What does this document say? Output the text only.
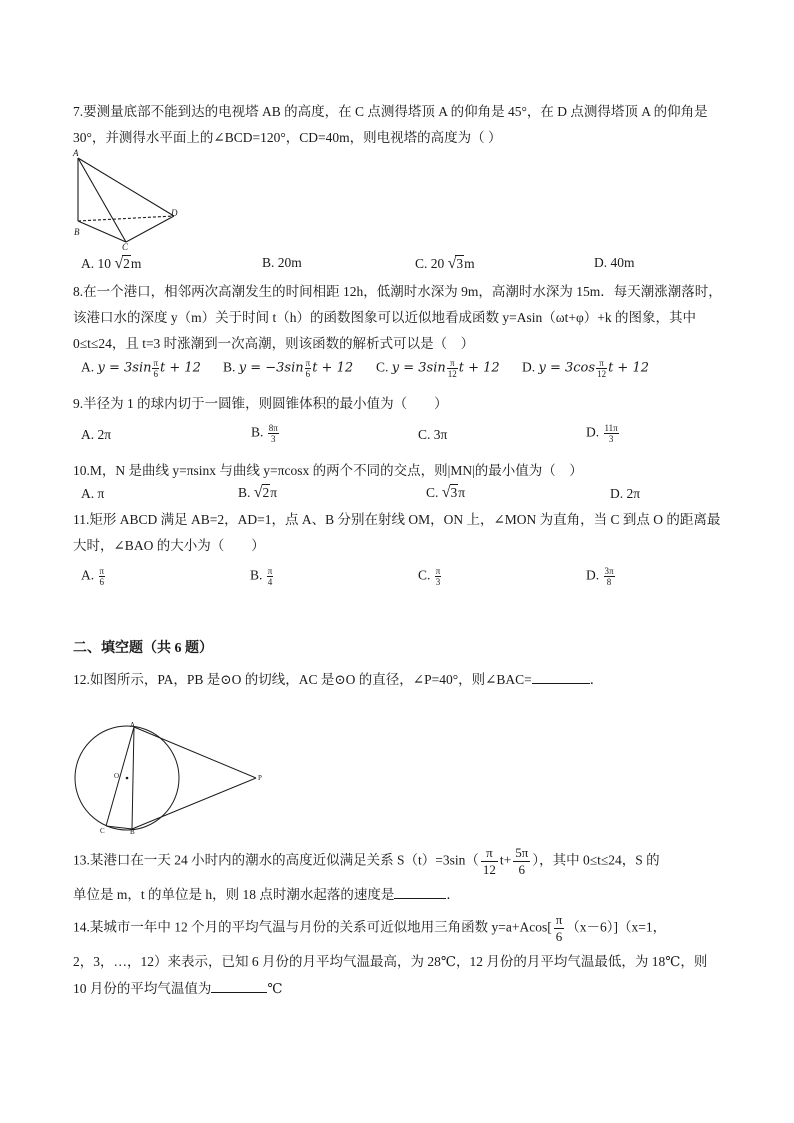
7.要测量底部不能到达的电视塔 AB 的高度，在 C 点测得塔顶 A 的仰角是 45°，在 D 点测得塔顶 A 的仰角是 30°，并测得水平面上的∠BCD=120°，CD=40m，则电视塔的高度为（ ）
A
B
C
D
A. 10 √2m	B. 20m	C. 20 √3m	D. 40m
8.在一个港口，相邻两次高潮发生的时间相距 12h，低潮时水深为 9m，高潮时水深为 15m．每天潮涨潮落时，该港口水的深度 y（m）关于时间 t（h）的函数图象可以近似地看成函数 y=Asin（ωt+φ）+k 的图象，其中 0≤t≤24，且 t=3 时涨潮到一次高潮，则该函数的解析式可以是（　）
A. $y = 3\sin \frac{\pi}{6}$ t + 12 B. $y = -3\sin \frac{\pi}{6}$ t + 12 C. $y = 3\sin \frac{\pi}{12}$ t + 12 D. $y = 3\cos \frac{\pi}{12}$ t + 12
9.半径为 1 的球内切于一圆锥，则圆锥体积的最小值为（　　）
A. 2π	B. $\frac{8\pi}{3}$	C. 3π	D. $\frac{11\pi}{3}$
10.M，N 是曲线 y=πsinx 与曲线 y=πcosx 的两个不同的交点，则|MN|的最小值为（　）
A. π	B. √2π	C. √3π	D. 2π
11.矩形 ABCD 满足 AB=2，AD=1，点 A、B 分别在射线 OM，ON 上，∠MON 为直角，当 C 到点 O 的距离最大时，∠BAO 的大小为（　　）
A. $\frac{\pi}{6}$	B. $\frac{\pi}{4}$	C. $\frac{\pi}{3}$	D. $\frac{3\pi}{8}$
二、填空题（共 6 题）
12.如图所示，PA，PB 是⊙O 的切线，AC 是⊙O 的直径，∠P=40°，则∠BAC=	．
A
O
C	B
P
13.某港口在一天 24 小时内的潮水的高度近似满足关系 $S(t)=3\sin( \frac{\pi}{12} t+ \frac{5\pi}{6}$ ），其中 0≤t≤24，S 的
单位是 m，t 的单位是 h，则 18 点时潮水起落的速度是	．
14.某城市一年中 12 个月的平均气温与月份的关系可近似地用三角函数 $y=a+Acos[ \frac{\pi}{6} (x-6)](x=1$，
2，3，…，12）来表示，已知 6 月份的月平均气温最高，为 28℃，12 月份的月平均气温最低，为 18℃，则
10 月份的平均气温值为	℃
